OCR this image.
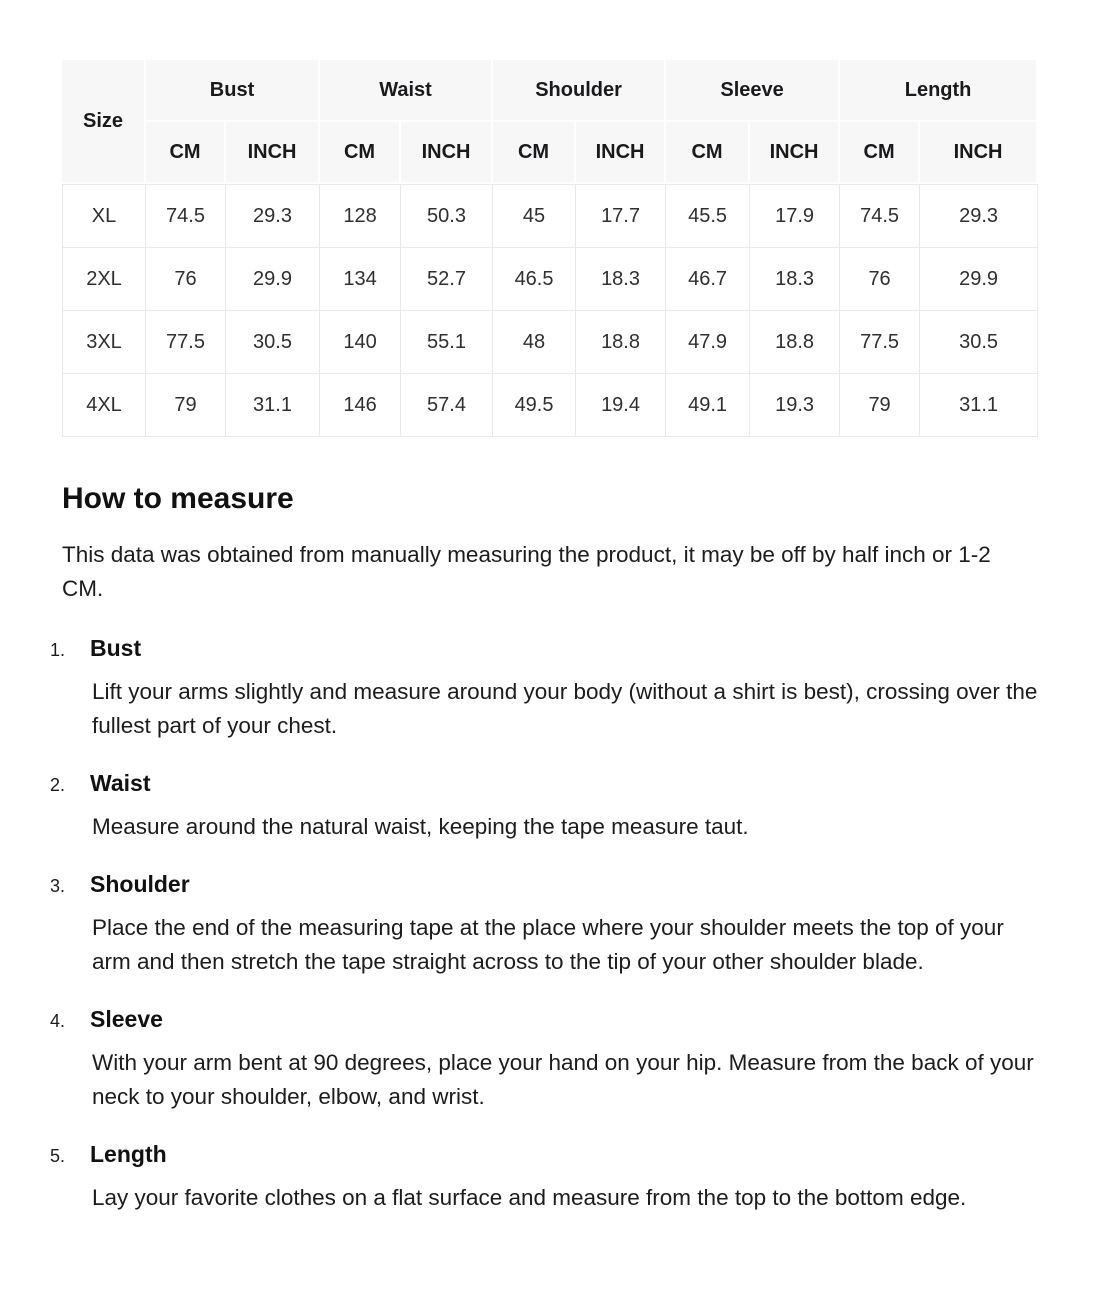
Size	Bust		Waist		Shoulder		Sleeve		Length	
	CM	INCH	CM	INCH	CM	INCH	CM	INCH	CM	INCH
XL	74.5	29.3	128	50.3	45	17.7	45.5	17.9	74.5	29.3
2XL	76	29.9	134	52.7	46.5	18.3	46.7	18.3	76	29.9
3XL	77.5	30.5	140	55.1	48	18.8	47.9	18.8	77.5	30.5
4XL	79	31.1	146	57.4	49.5	19.4	49.1	19.3	79	31.1
How to measure

This data was obtained from manually measuring the product, it may be off by half inch or 1-2 CM.

1.	Bust

Lift your arms slightly and measure around your body (without a shirt is best), crossing over the fullest part of your chest.

2.	Waist

Measure around the natural waist, keeping the tape measure taut.

3.	Shoulder

Place the end of the measuring tape at the place where your shoulder meets the top of your arm and then stretch the tape straight across to the tip of your other shoulder blade.

4.	Sleeve

With your arm bent at 90 degrees, place your hand on your hip. Measure from the back of your neck to your shoulder, elbow, and wrist.

5.	Length

Lay your favorite clothes on a flat surface and measure from the top to the bottom edge.
